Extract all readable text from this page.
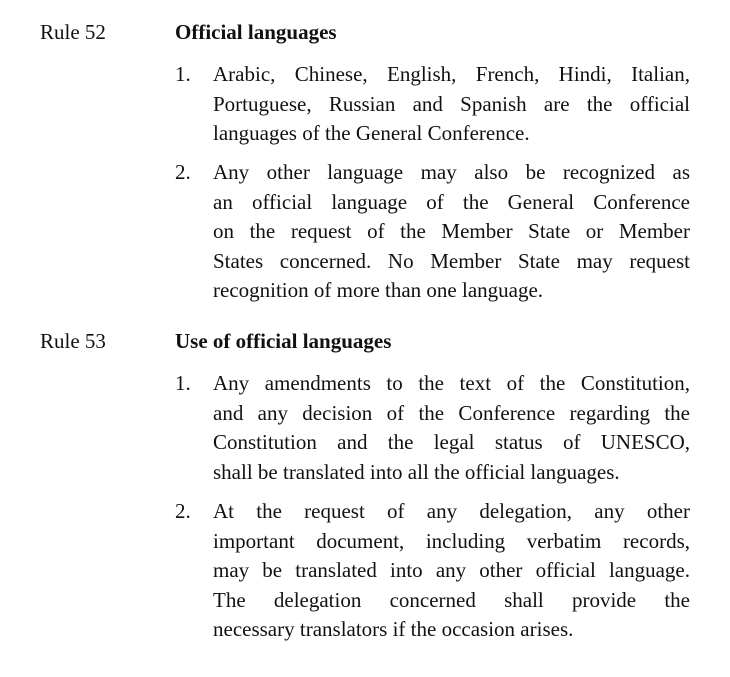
Rule 52	Official languages
1. Arabic, Chinese, English, French, Hindi, Italian,
Portuguese, Russian and Spanish are the official
languages of the General Conference.
2. Any other language may also be recognized as
an official language of the General Conference
on the request of the Member State or Member
States concerned. No Member State may request
recognition of more than one language.
Rule 53	Use of official languages
1. Any amendments to the text of the Constitution,
and any decision of the Conference regarding the
Constitution and the legal status of UNESCO,
shall be translated into all the official languages.
2. At the request of any delegation, any other
important document, including verbatim records,
may be translated into any other official language.
The delegation concerned shall provide the
necessary translators if the occasion arises.
